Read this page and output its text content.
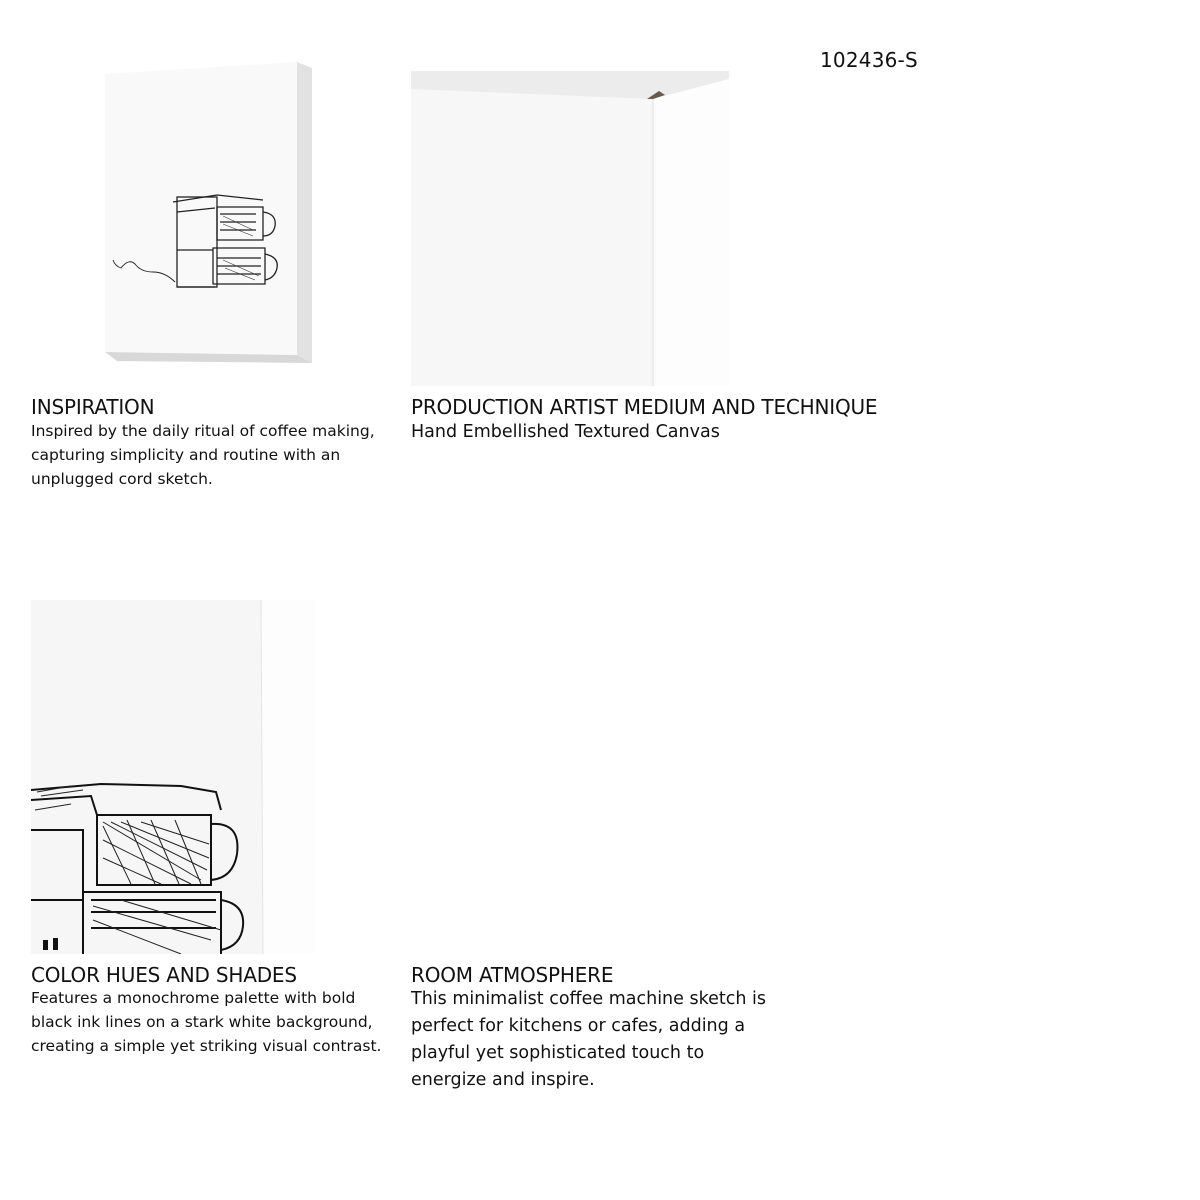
102436-S
INSPIRATION
Inspired by the daily ritual of coffee making,
capturing simplicity and routine with an
unplugged cord sketch.
PRODUCTION ARTIST MEDIUM AND TECHNIQUE
Hand Embellished Textured Canvas
COLOR HUES AND SHADES
Features a monochrome palette with bold
black ink lines on a stark white background,
creating a simple yet striking visual contrast.
ROOM ATMOSPHERE
This minimalist coffee machine sketch is
perfect for kitchens or cafes, adding a
playful yet sophisticated touch to
energize and inspire.
